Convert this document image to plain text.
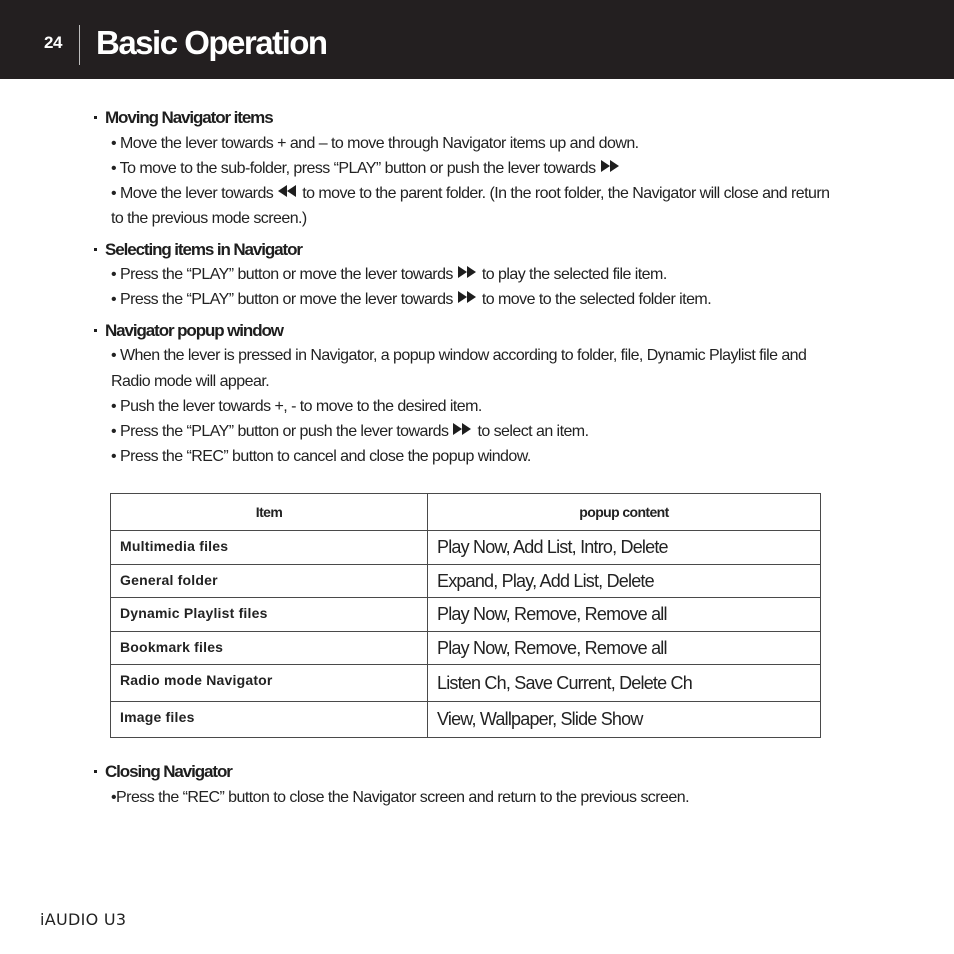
24 Basic Operation
Moving Navigator items
• Move the lever towards + and – to move through Navigator items up and down.
• To move to the sub-folder, press “PLAY” button or push the lever towards
• Move the lever towards to move to the parent folder. (In the root folder, the Navigator will close and return
to the previous mode screen.)
Selecting items in Navigator
• Press the “PLAY” button or move the lever towards to play the selected file item.
• Press the “PLAY” button or move the lever towards to move to the selected folder item.
Navigator popup window
• When the lever is pressed in Navigator, a popup window according to folder, file, Dynamic Playlist file and
Radio mode will appear.
• Push the lever towards +, - to move to the desired item.
• Press the “PLAY” button or push the lever towards to select an item.
• Press the “REC” button to cancel and close the popup window.
Item	popup content
Multimedia files	Play Now, Add List, Intro, Delete
General folder	Expand, Play, Add List, Delete
Dynamic Playlist files	Play Now, Remove, Remove all
Bookmark files	Play Now, Remove, Remove all
Radio mode Navigator	Listen Ch, Save Current, Delete Ch
Image files	View, Wallpaper, Slide Show
Closing Navigator
•Press the “REC” button to close the Navigator screen and return to the previous screen.
iAUDIO U3
